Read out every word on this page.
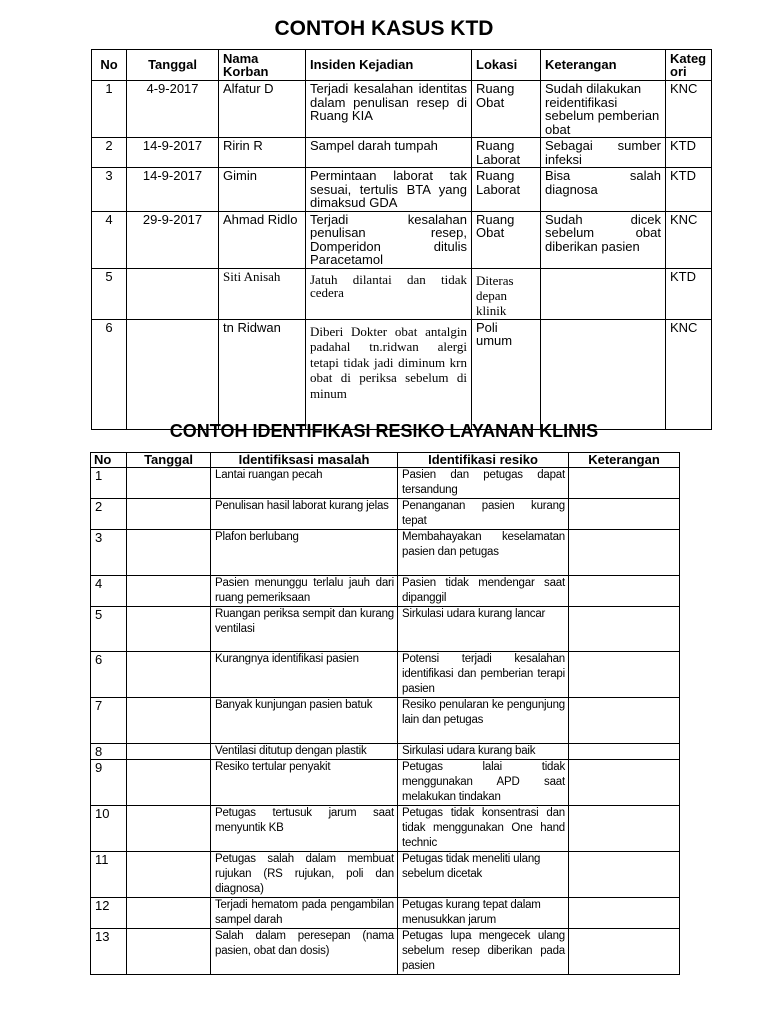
CONTOH KASUS KTD
No	Tanggal	Nama Korban	Insiden Kejadian	Lokasi	Keterangan	Kateg ori
1	4-9-2017	Alfatur D	Terjadi kesalahan identitas dalam penulisan resep di Ruang KIA	Ruang Obat	Sudah dilakukan reidentifikasi sebelum pemberian obat	KNC
2	14-9-2017	Ririn R	Sampel darah tumpah	Ruang Laborat	Sebagai sumber infeksi	KTD
3	14-9-2017	Gimin	Permintaan laborat tak sesuai, tertulis BTA yang dimaksud GDA	Ruang Laborat	Bisa salah diagnosa	KTD
4	29-9-2017	Ahmad Ridlo	Terjadi kesalahan penulisan resep, Domperidon ditulis Paracetamol	Ruang Obat	Sudah dicek sebelum obat diberikan pasien	KNC
5		Siti Anisah	Jatuh dilantai dan tidak cedera	Diteras depan klinik		KTD
6		tn Ridwan	Diberi Dokter obat antalgin padahal tn.ridwan alergi tetapi tidak jadi diminum krn obat di periksa sebelum di minum	Poli umum		KNC
CONTOH IDENTIFIKASI RESIKO LAYANAN KLINIS
No	Tanggal	Identifiksasi masalah	Identifikasi resiko	Keterangan
1		Lantai ruangan pecah	Pasien dan petugas dapat tersandung	
2		Penulisan hasil laborat kurang jelas	Penanganan pasien kurang tepat	
3		Plafon berlubang	Membahayakan keselamatan pasien dan petugas	
4		Pasien menunggu terlalu jauh dari ruang pemeriksaan	Pasien tidak mendengar saat dipanggil	
5		Ruangan periksa sempit dan kurang ventilasi	Sirkulasi udara kurang lancar	
6		Kurangnya identifikasi pasien	Potensi terjadi kesalahan identifikasi dan pemberian terapi pasien	
7		Banyak kunjungan pasien batuk	Resiko penularan ke pengunjung lain dan petugas	
8		Ventilasi ditutup dengan plastik	Sirkulasi udara kurang baik	
9		Resiko tertular penyakit	Petugas lalai tidak menggunakan APD saat melakukan tindakan	
10		Petugas tertusuk jarum saat menyuntik KB	Petugas tidak konsentrasi dan tidak menggunakan One hand technic	
11		Petugas salah dalam membuat rujukan (RS rujukan, poli dan diagnosa)	Petugas tidak meneliti ulang sebelum dicetak	
12		Terjadi hematom pada pengambilan sampel darah	Petugas kurang tepat dalam menusukkan jarum	
13		Salah dalam peresepan (nama pasien, obat dan dosis)	Petugas lupa mengecek ulang sebelum resep diberikan pada pasien	
